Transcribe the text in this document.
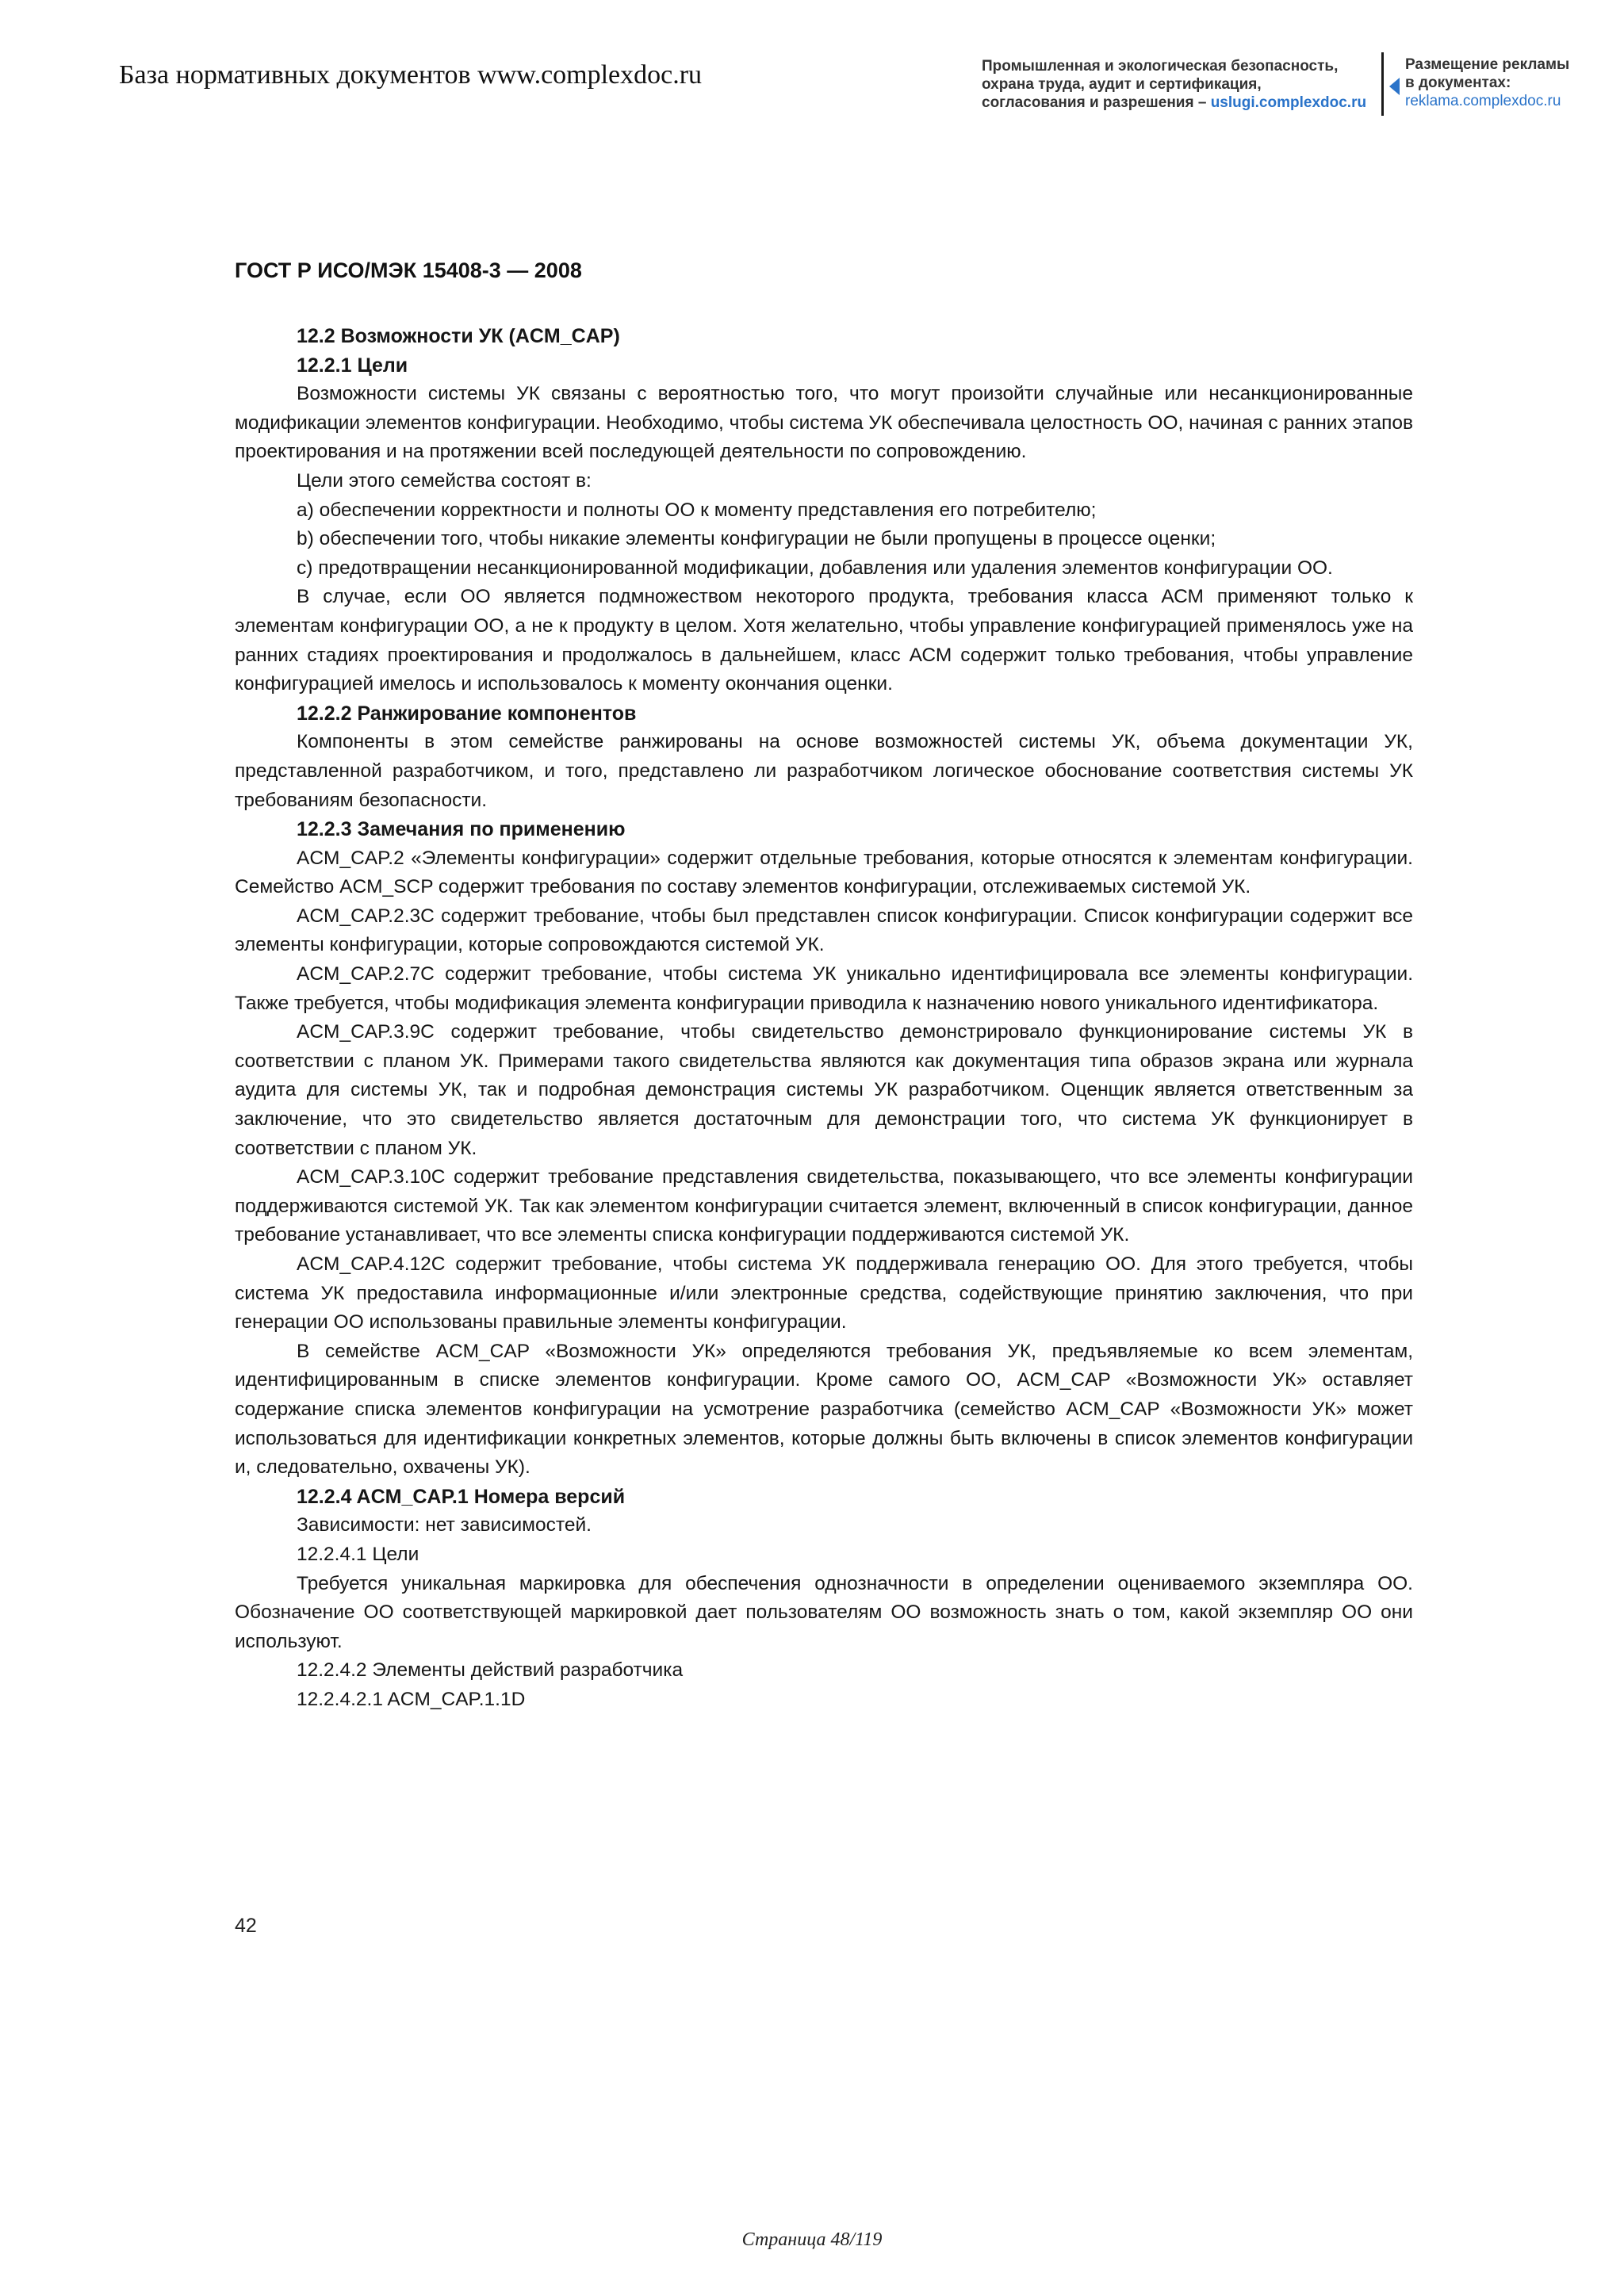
База нормативных документов www.complexdoc.ru	Промышленная и экологическая безопасность,
охрана труда, аудит и сертификация,
согласования и разрешения – uslugi.complexdoc.ru
Размещение рекламы
в документах:
reklama.complexdoc.ru
ГОСТ Р ИСО/МЭК 15408-3 — 2008
12.2 Возможности УК (ACM_CAP)
12.2.1 Цели

Возможности системы УК связаны с вероятностью того, что могут произойти случайные или несанкционированные модификации элементов конфигурации. Необходимо, чтобы система УК обеспечивала целостность ОО, начиная с ранних этапов проектирования и на протяжении всей последующей деятельности по сопровождению.

Цели этого семейства состоят в:

a) обеспечении корректности и полноты ОО к моменту представления его потребителю;

b) обеспечении того, чтобы никакие элементы конфигурации не были пропущены в процессе оценки;

c) предотвращении несанкционированной модификации, добавления или удаления элементов конфигурации ОО.

В случае, если ОО является подмножеством некоторого продукта, требования класса АСМ применяют только к элементам конфигурации ОО, а не к продукту в целом. Хотя желательно, чтобы управление конфигурацией применялось уже на ранних стадиях проектирования и продолжалось в дальнейшем, класс АСМ содержит только требования, чтобы управление конфигурацией имелось и использовалось к моменту окончания оценки.

12.2.2 Ранжирование компонентов

Компоненты в этом семействе ранжированы на основе возможностей системы УК, объема документации УК, представленной разработчиком, и того, представлено ли разработчиком логическое обоснование соответствия системы УК требованиям безопасности.

12.2.3 Замечания по применению

ACM_CAP.2 «Элементы конфигурации» содержит отдельные требования, которые относятся к элементам конфигурации. Семейство ACM_SCP содержит требования по составу элементов конфигурации, отслеживаемых системой УК.

ACM_CAP.2.3С содержит требование, чтобы был представлен список конфигурации. Список конфигурации содержит все элементы конфигурации, которые сопровождаются системой УК.

ACM_CAP.2.7С содержит требование, чтобы система УК уникально идентифицировала все элементы конфигурации. Также требуется, чтобы модификация элемента конфигурации приводила к назначению нового уникального идентификатора.

ACM_CAP.3.9С содержит требование, чтобы свидетельство демонстрировало функционирование системы УК в соответствии с планом УК. Примерами такого свидетельства являются как документация типа образов экрана или журнала аудита для системы УК, так и подробная демонстрация системы УК разработчиком. Оценщик является ответственным за заключение, что это свидетельство является достаточным для демонстрации того, что система УК функционирует в соответствии с планом УК.

ACM_CAP.3.10С содержит требование представления свидетельства, показывающего, что все элементы конфигурации поддерживаются системой УК. Так как элементом конфигурации считается элемент, включенный в список конфигурации, данное требование устанавливает, что все элементы списка конфигурации поддерживаются системой УК.

ACM_CAP.4.12С содержит требование, чтобы система УК поддерживала генерацию ОО. Для этого требуется, чтобы система УК предоставила информационные и/или электронные средства, содействующие принятию заключения, что при генерации ОО использованы правильные элементы конфигурации.

В семействе ACM_CAP «Возможности УК» определяются требования УК, предъявляемые ко всем элементам, идентифицированным в списке элементов конфигурации. Кроме самого ОО, ACM_CAP «Возможности УК» оставляет содержание списка элементов конфигурации на усмотрение разработчика (семейство ACM_CAP «Возможности УК» может использоваться для идентификации конкретных элементов, которые должны быть включены в список элементов конфигурации и, следовательно, охвачены УК).

12.2.4 ACM_CAP.1 Номера версий

Зависимости: нет зависимостей.

12.2.4.1 Цели

Требуется уникальная маркировка для обеспечения однозначности в определении оцениваемого экземпляра ОО. Обозначение ОО соответствующей маркировкой дает пользователям ОО возможность знать о том, какой экземпляр ОО они используют.

12.2.4.2 Элементы действий разработчика

12.2.4.2.1 ACM_CAP.1.1D

42
Страница 48/119
